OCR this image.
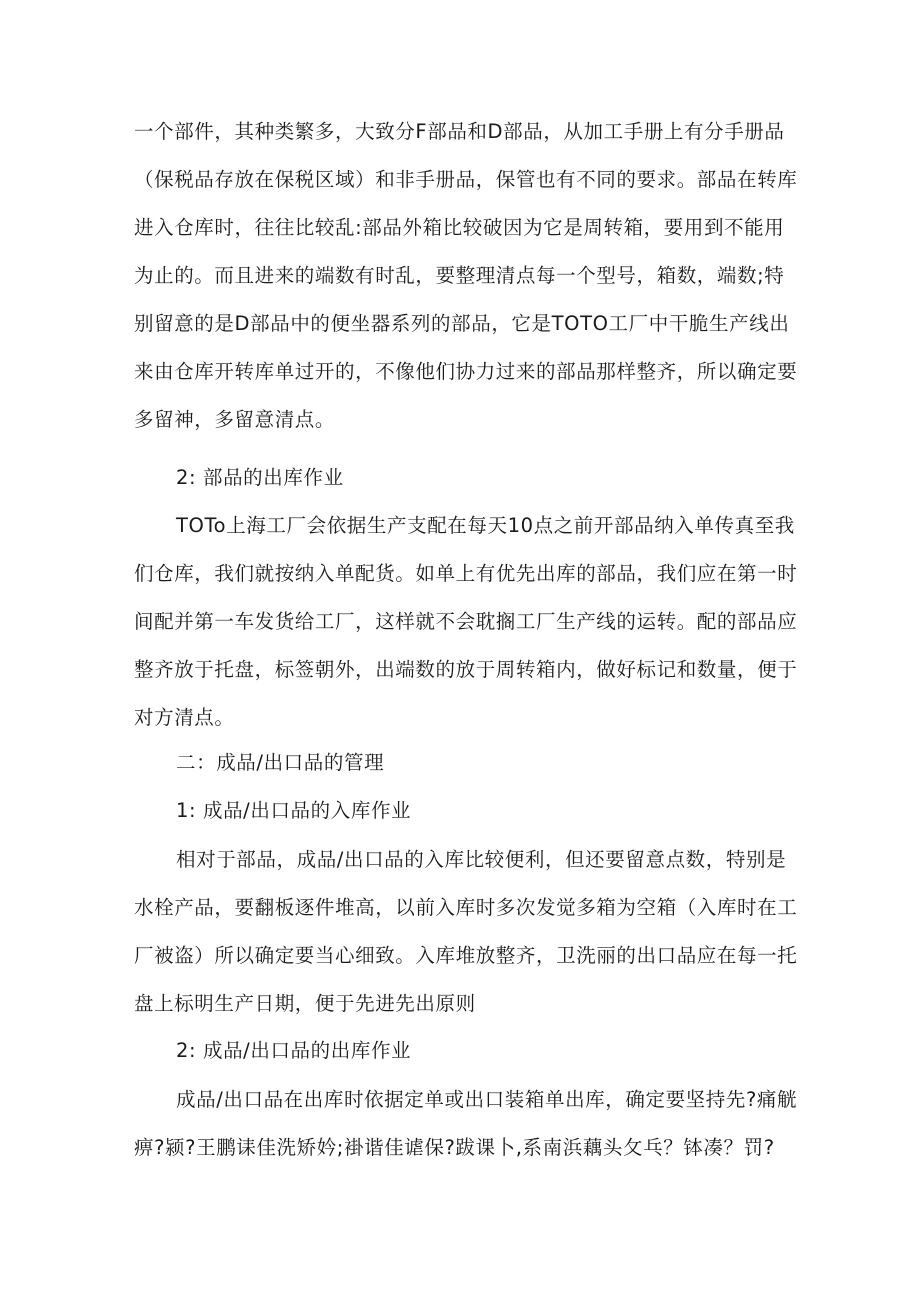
一个部件，其种类繁多，大致分F部品和D部品，从加工手册上有分手册品（保税品存放在保税区域）和非手册品，保管也有不同的要求。部品在转库进入仓库时，往往比较乱:部品外箱比较破因为它是周转箱，要用到不能用为止的。而且进来的端数有时乱，要整理清点每一个型号，箱数，端数;特别留意的是D部品中的便坐器系列的部品，它是TOTO工厂中干脆生产线出来由仓库开转库单过开的，不像他们协力过来的部品那样整齐，所以确定要多留神，多留意清点。

2: 部品的出库作业

TOTo上海工厂会依据生产支配在每天10点之前开部品纳入单传真至我们仓库，我们就按纳入单配货。如单上有优先出库的部品，我们应在第一时间配并第一车发货给工厂，这样就不会耽搁工厂生产线的运转。配的部品应整齐放于托盘，标签朝外，出端数的放于周转箱内，做好标记和数量，便于对方清点。

二：成品/出口品的管理

1: 成品/出口品的入库作业

相对于部品，成品/出口品的入库比较便利，但还要留意点数，特别是水栓产品，要翻板逐件堆高，以前入库时多次发觉多箱为空箱（入库时在工厂被盗）所以确定要当心细致。入库堆放整齐，卫洗丽的出口品应在每一托盘上标明生产日期，便于先进先出原则

2: 成品/出口品的出库作业

成品/出口品在出库时依据定单或出口装箱单出库，确定要坚持先?痛觥痹?颍?王鹏诔佳洗矫妗;褂谐佳谑保?跋课卜,系南浜藕头攵乓？钵凑？罚?
